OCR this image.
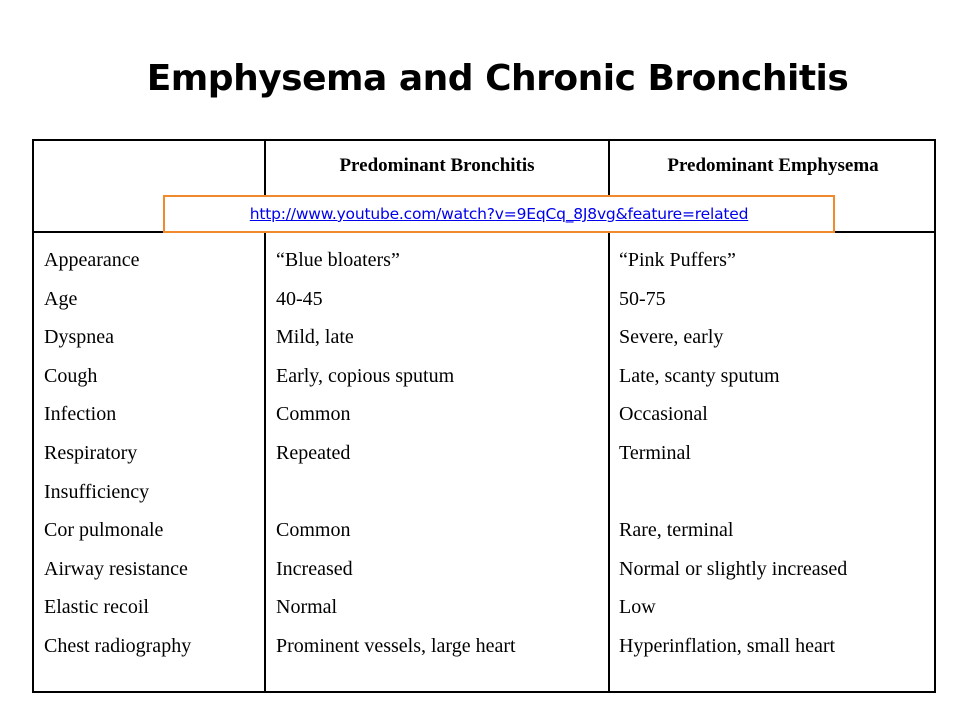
Emphysema and Chronic Bronchitis
Predominant Bronchitis	Predominant Emphysema
Appearance
Age
Dyspnea
Cough
Infection
Respiratory
Insufficiency
Cor pulmonale
Airway resistance
Elastic recoil
Chest radiography
“Blue bloaters”
40-45
Mild, late
Early, copious sputum
Common
Repeated
Common
Increased
Normal
Prominent vessels, large heart
“Pink Puffers”
50-75
Severe, early
Late, scanty sputum
Occasional
Terminal
Rare, terminal
Normal or slightly increased
Low
Hyperinflation, small heart
http://www.youtube.com/watch?v=9EqCq_8J8vg&feature=related
